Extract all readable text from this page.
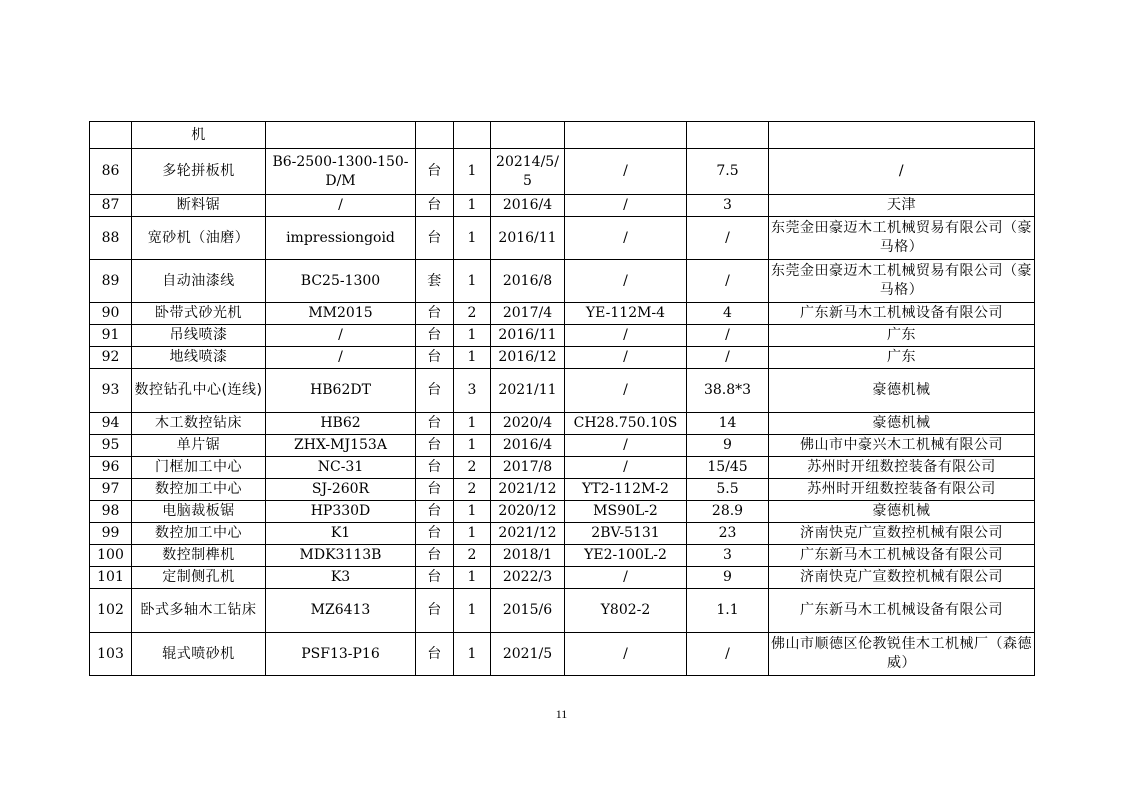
	机							
86	多轮拼板机	B6-2500-1300-150-D/M	台	1	20214/5/5	/	7.5	/
87	断料锯	/	台	1	2016/4	/	3	天津
88	宽砂机（油磨）	impressiongoid	台	1	2016/11	/	/	东莞金田豪迈木工机械贸易有限公司（豪马格）
89	自动油漆线	BC25-1300	套	1	2016/8	/	/	东莞金田豪迈木工机械贸易有限公司（豪马格）
90	卧带式砂光机	MM2015	台	2	2017/4	YE-112M-4	4	广东新马木工机械设备有限公司
91	吊线喷漆	/	台	1	2016/11	/	/	广东
92	地线喷漆	/	台	1	2016/12	/	/	广东
93	数控钻孔中心(连线)	HB62DT	台	3	2021/11	/	38.8*3	豪德机械
94	木工数控钻床	HB62	台	1	2020/4	CH28.750.10S	14	豪德机械
95	单片锯	ZHX-MJ153A	台	1	2016/4	/	9	佛山市中豪兴木工机械有限公司
96	门框加工中心	NC-31	台	2	2017/8	/	15/45	苏州时开纽数控装备有限公司
97	数控加工中心	SJ-260R	台	2	2021/12	YT2-112M-2	5.5	苏州时开纽数控装备有限公司
98	电脑裁板锯	HP330D	台	1	2020/12	MS90L-2	28.9	豪德机械
99	数控加工中心	K1	台	1	2021/12	2BV-5131	23	济南快克广宣数控机械有限公司
100	数控制榫机	MDK3113B	台	2	2018/1	YE2-100L-2	3	广东新马木工机械设备有限公司
101	定制侧孔机	K3	台	1	2022/3	/	9	济南快克广宣数控机械有限公司
102	卧式多轴木工钻床	MZ6413	台	1	2015/6	Y802-2	1.1	广东新马木工机械设备有限公司
103	辊式喷砂机	PSF13-P16	台	1	2021/5	/	/	佛山市顺德区伦教锐佳木工机械厂（森德威）
11
